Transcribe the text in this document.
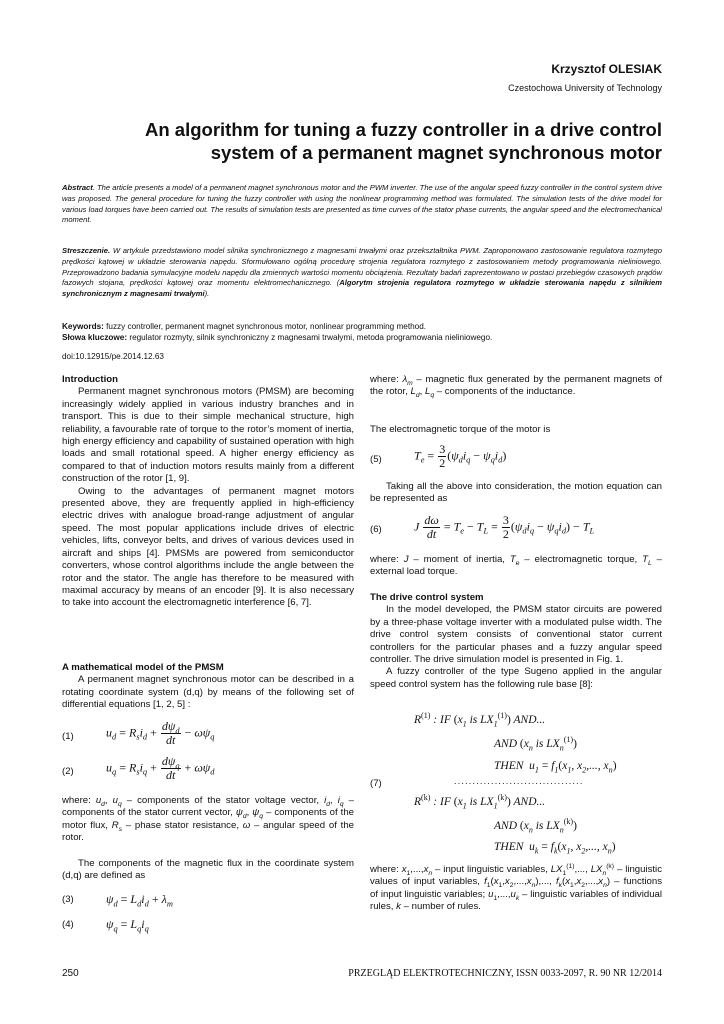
Krzysztof OLESIAK
Czestochowa University of Technology
An algorithm for tuning a fuzzy controller in a drive control system of a permanent magnet synchronous motor
Abstract. The article presents a model of a permanent magnet synchronous motor and the PWM inverter. The use of the angular speed fuzzy controller in the control system drive was proposed. The general procedure for tuning the fuzzy controller with using the nonlinear programming method was formulated. The simulation tests of the drive model for various load torques have been carried out. The results of simulation tests are presented as time curves of the stator phase currents, the angular speed and the electromechanical moment.
Streszczenie. W artykule przedstawiono model silnika synchronicznego z magnesami trwałymi oraz przekształtnika PWM. Zaproponowano zastosowanie regulatora rozmytego prędkości kątowej w układzie sterowania napędu. Sformułowano ogólną procedurę strojenia regulatora rozmytego z zastosowaniem metody programowania nieliniowego. Przeprowadzono badania symulacyjne modelu napędu dla zmiennych wartości momentu obciążenia. Rezultaty badań zaprezentowano w postaci przebiegów czasowych prądów fazowych stojana, prędkości kątowej oraz momentu elektromechanicznego. (Algorytm strojenia regulatora rozmytego w układzie sterowania napędu z silnikiem synchronicznym z magnesami trwałymi).
Keywords: fuzzy controller, permanent magnet synchronous motor, nonlinear programming method.
Słowa kluczowe: regulator rozmyty, silnik synchroniczny z magnesami trwałymi, metoda programowania nieliniowego.
doi:10.12915/pe.2014.12.63
Introduction

Permanent magnet synchronous motors (PMSM) are becoming increasingly widely applied in various industry branches and in transport. This is due to their simple mechanical structure, high reliability, a favourable rate of torque to the rotor’s moment of inertia, high energy efficiency and capability of sustained operation with high loads and small rotational speed. A higher energy efficiency as compared to that of induction motors results mainly from a different construction of the rotor [1, 9].

Owing to the advantages of permanent magnet motors presented above, they are frequently applied in high-efficiency electric drives with analogue broad-range adjustment of angular speed. The most popular applications include drives of electric vehicles, lifts, conveyor belts, and drives of various devices used in aircraft and ships [4]. PMSMs are powered from semiconductor converters, whose control algorithms include the angle between the rotor and the stator. The angle has therefore to be measured with maximal accuracy by means of an encoder [9]. It is also necessary to take into account the electromagnetic interference [6, 7].

A mathematical model of the PMSM

A permanent magnet synchronous motor can be described in a rotating coordinate system (d,q) by means of the following set of differential equations [1, 2, 5] :

(1)	$u_d = R_si_d + \frac{d\psi_d}{dt} - \omega\psi_q$
(2)	$u_q = R_si_q + \frac{d\psi_q}{dt} + \omega\psi_d$

where: $u_d$, $u_q$ – components of the stator voltage vector, $i_d$, $i_q$ – components of the stator current vector, $\psi_d$, $\psi_q$ – components of the motor flux, $R_s$ – phase stator resistance, ω – angular speed of the rotor.

The components of the magnetic flux in the coordinate system (d,q) are defined as

(3)	$\psi_d = L_di_d + \lambda_m$
(4)	$\psi_q = L_qi_q$

where: $\lambda_m$ – magnetic flux generated by the permanent magnets of the rotor, $L_d$, $L_q$ – components of the inductance.

The electromagnetic torque of the motor is

(5)	$T_e = \frac{3}{2} (\psi_di_q - \psi_qi_d)$

Taking all the above into consideration, the motion equation can be represented as

(6)	J $\frac{d\omega}{dt} = T_e - T_L = \frac{3}{2} (\psi_di_q - \psi_qi_d) - T_L$

where: J – moment of inertia, $T_e$ – electromagnetic torque, $T_L$ – external load torque.

The drive control system

In the model developed, the PMSM stator circuits are powered by a three-phase voltage inverter with a modulated pulse width. The drive control system consists of conventional stator current controllers for the particular phases and a fuzzy angular speed controller. The drive simulation model is presented in Fig. 1.

A fuzzy controller of the type Sugeno applied in the angular speed control system has the following rule base [8]:

$R^{(1)}$ : IF ($x_1$ is $LX_1^{(1)}$) AND...
AND ($x_n$ is $LX_n^{(1)}$)
THEN  $u_1 = f_1(x_1$, $x_2$,..., $x_n$)
(7)	...................................
$R^{(k)}$ : IF ($x_1$ is $LX_1^{(k)}$) AND...
AND ($x_n$ is $LX_n^{(k)}$)
THEN  $u_k = f_k(x_1$, $x_2$,..., $x_n$)

where: $x_1,...,x_n$ – input linguistic variables, $LX_1^{(1)}$,..., $LX_n^{(k)}$ – linguistic values of input variables, $f_1(x_1,x_2,...,x_n)$,..., $f_k(x_1,x_2,...,x_n)$ – functions of input linguistic variables; $u_1,...,u_k$ – linguistic variables of individual rules, k – number of rules.

250	PRZEGLĄD ELEKTROTECHNICZNY, ISSN 0033-2097, R. 90 NR 12/2014
